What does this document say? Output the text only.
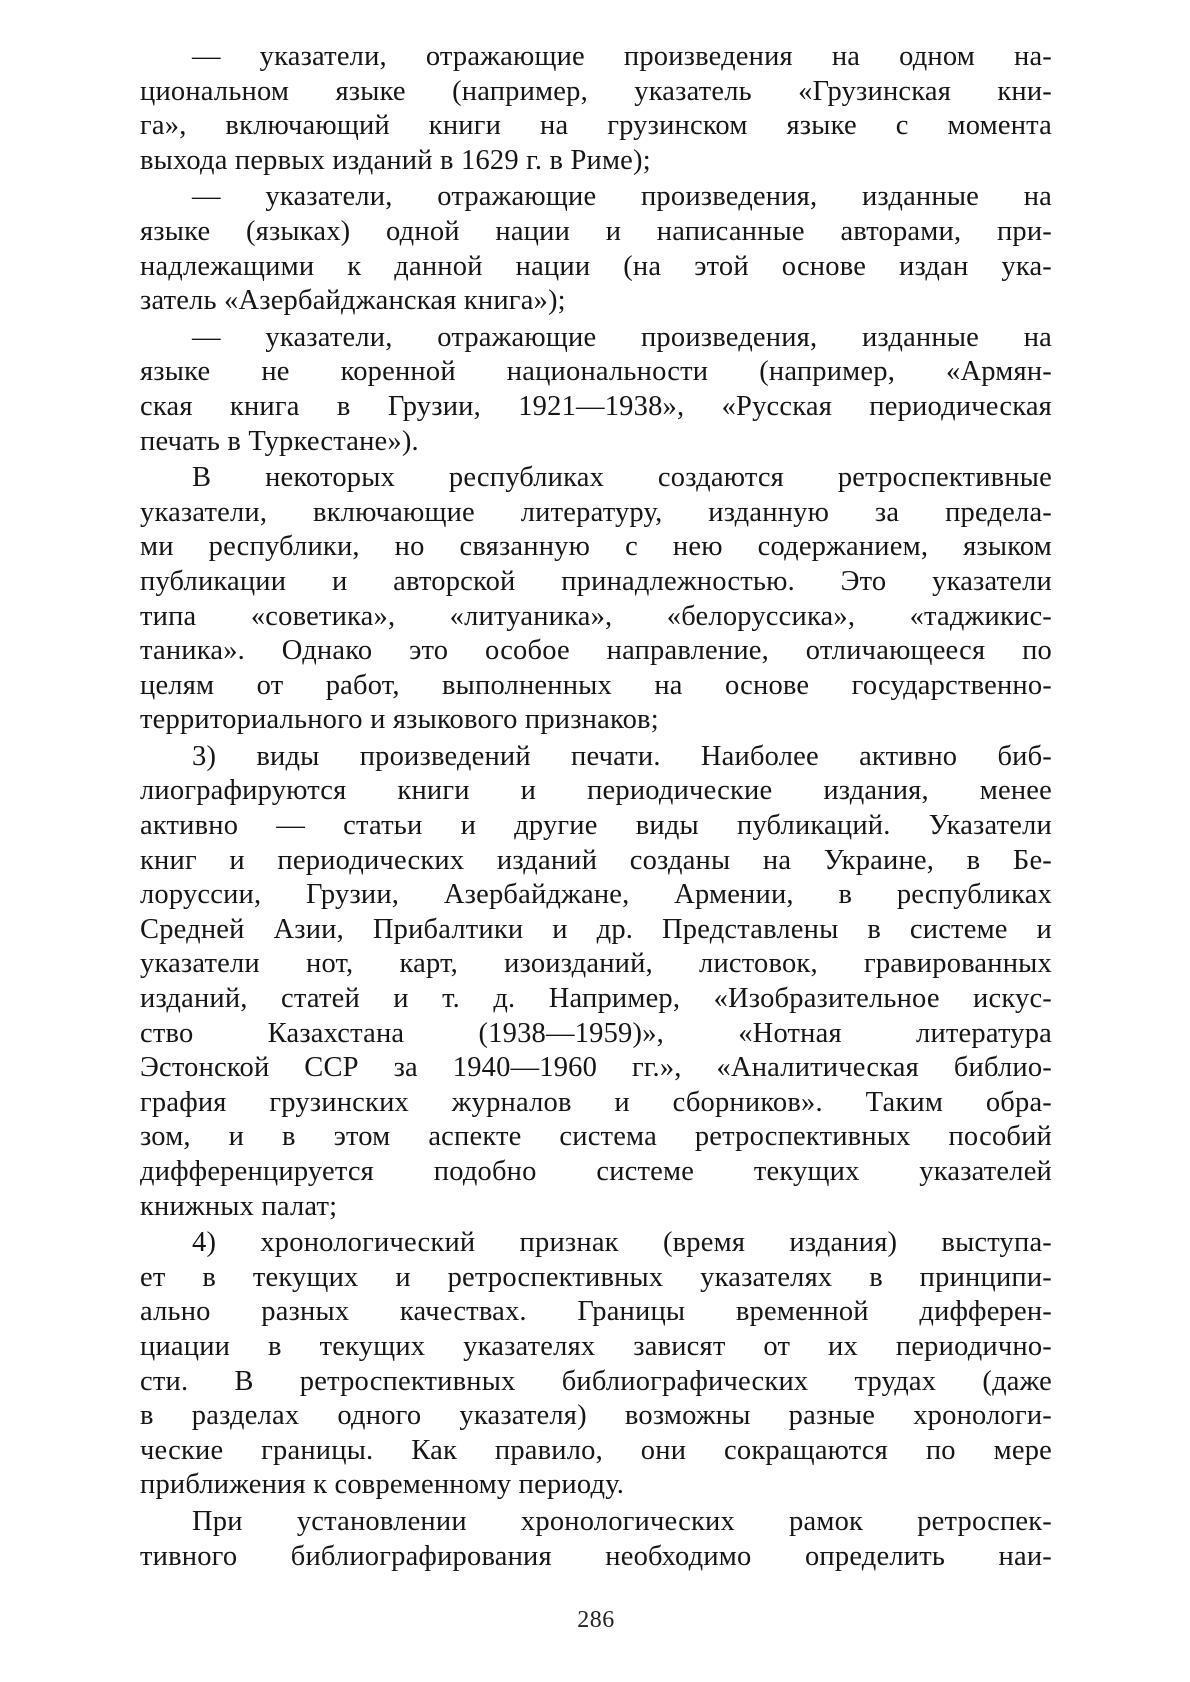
— указатели, отражающие произведения на одном на-
циональном языке (например, указатель «Грузинская кни-
га», включающий книги на грузинском языке с момента
выхода первых изданий в 1629 г. в Риме);
— указатели, отражающие произведения, изданные на
языке (языках) одной нации и написанные авторами, при-
надлежащими к данной нации (на этой основе издан ука-
затель «Азербайджанская книга»);
— указатели, отражающие произведения, изданные на
языке не коренной национальности (например, «Армян-
ская книга в Грузии, 1921—1938», «Русская периодическая
печать в Туркестане»).
В некоторых республиках создаются ретроспективные
указатели, включающие литературу, изданную за предела-
ми республики, но связанную с нею содержанием, языком
публикации и авторской принадлежностью. Это указатели
типа «советика», «литуаника», «белоруссика», «таджикис-
таника». Однако это особое направление, отличающееся по
целям от работ, выполненных на основе государственно-
территориального и языкового признаков;
3) виды произведений печати. Наиболее активно биб-
лиографируются книги и периодические издания, менее
активно — статьи и другие виды публикаций. Указатели
книг и периодических изданий созданы на Украине, в Бе-
лоруссии, Грузии, Азербайджане, Армении, в республиках
Средней Азии, Прибалтики и др. Представлены в системе и
указатели нот, карт, изоизданий, листовок, гравированных
изданий, статей и т. д. Например, «Изобразительное искус-
ство Казахстана (1938—1959)», «Нотная литература
Эстонской ССР за 1940—1960 гг.», «Аналитическая библио-
графия грузинских журналов и сборников». Таким обра-
зом, и в этом аспекте система ретроспективных пособий
дифференцируется подобно системе текущих указателей
книжных палат;
4) хронологический признак (время издания) выступа-
ет в текущих и ретроспективных указателях в принципи-
ально разных качествах. Границы временной дифферен-
циации в текущих указателях зависят от их периодично-
сти. В ретроспективных библиографических трудах (даже
в разделах одного указателя) возможны разные хронологи-
ческие границы. Как правило, они сокращаются по мере
приближения к современному периоду.
При установлении хронологических рамок ретроспек-
тивного библиографирования необходимо определить наи-
286
